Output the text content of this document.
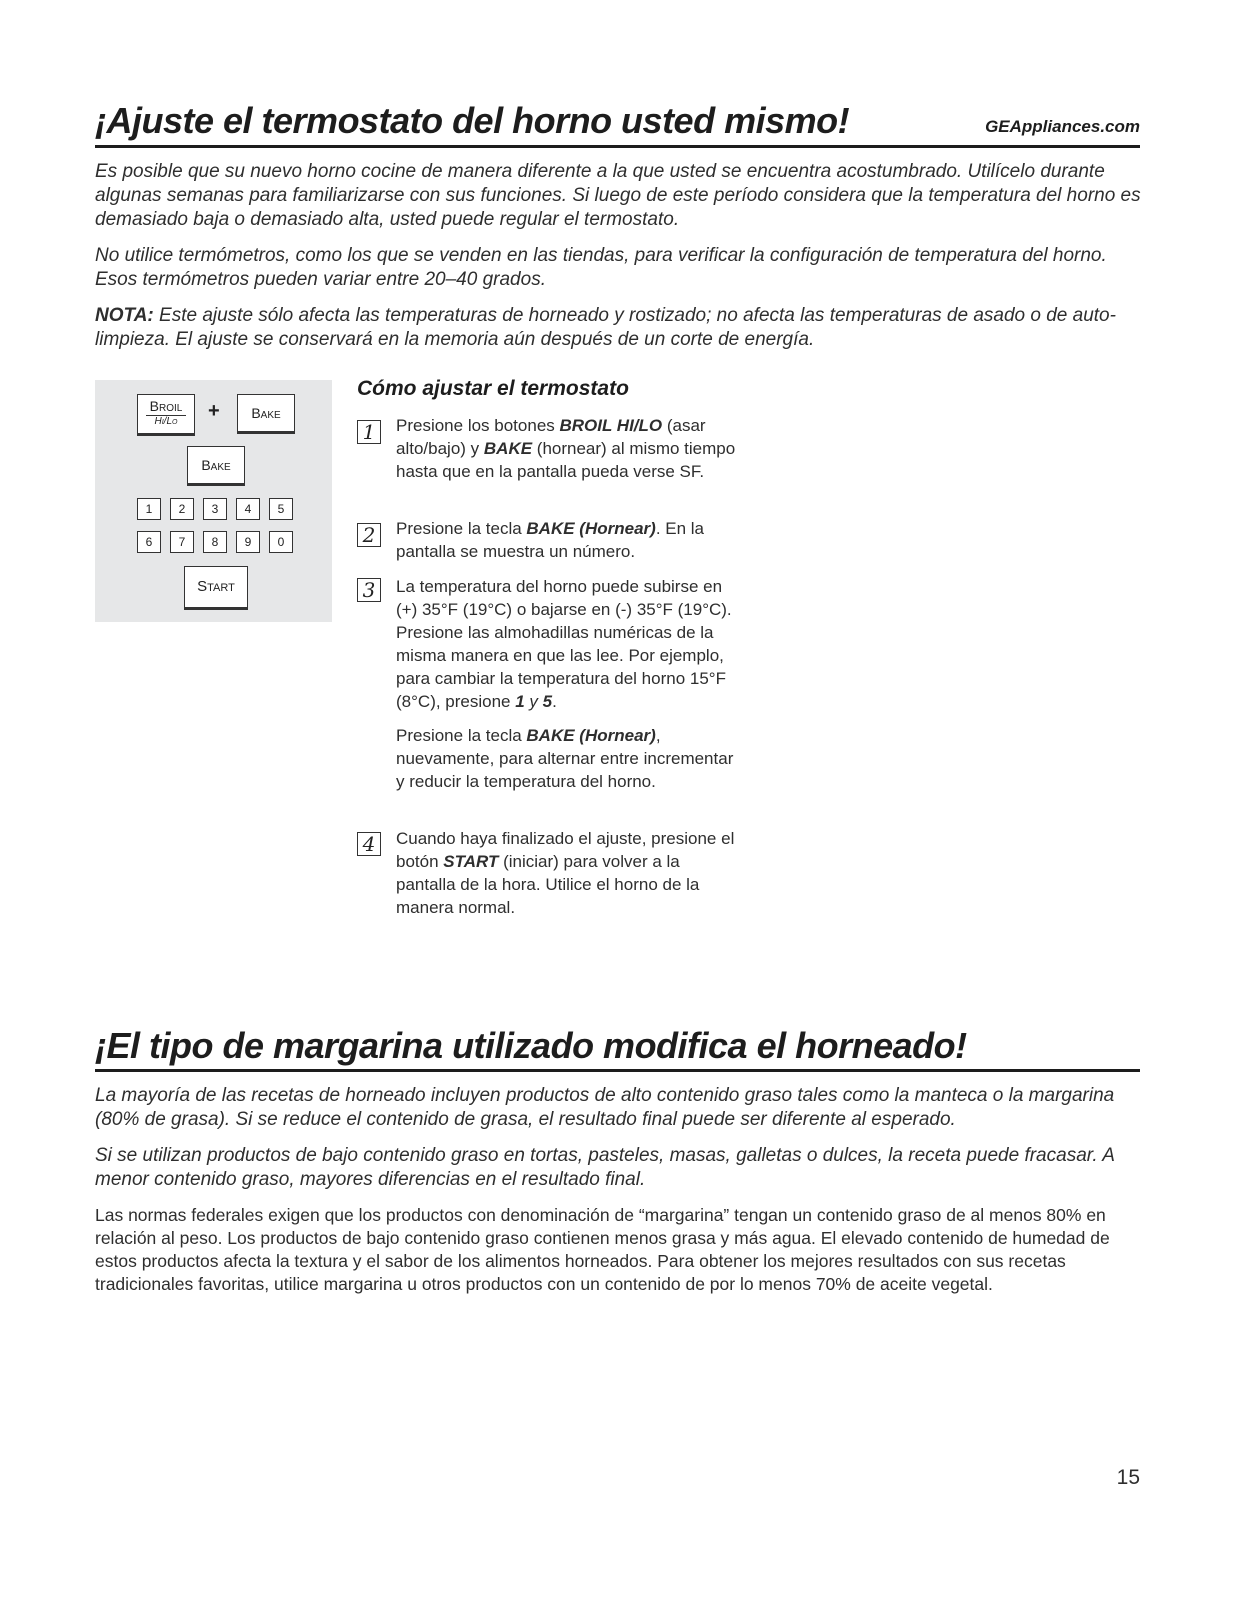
¡Ajuste el termostato del horno usted mismo!	GEAppliances.com

Es posible que su nuevo horno cocine de manera diferente a la que usted se encuentra acostumbrado. Utilícelo durante algunas semanas para familiarizarse con sus funciones. Si luego de este período considera que la temperatura del horno es demasiado baja o demasiado alta, usted puede regular el termostato.

No utilice termómetros, como los que se venden en las tiendas, para verificar la configuración de temperatura del horno. Esos termómetros pueden variar entre 20–40 grados.

NOTA: Este ajuste sólo afecta las temperaturas de horneado y rostizado; no afecta las temperaturas de asado o de auto-limpieza. El ajuste se conservará en la memoria aún después de un corte de energía.

Broil
Hi/Lo	+	Bake
Bake
1	2	3	4	5
6	7	8	9	0
Start
Cómo ajustar el termostato
1	Presione los botones BROIL HI/LO (asar alto/bajo) y BAKE (hornear) al mismo tiempo hasta que en la pantalla pueda verse SF.
2	Presione la tecla BAKE (Hornear). En la pantalla se muestra un número.
3	La temperatura del horno puede subirse en (+) 35°F (19°C) o bajarse en (-) 35°F (19°C). Presione las almohadillas numéricas de la misma manera en que las lee. Por ejemplo, para cambiar la temperatura del horno 15°F (8°C), presione 1 y 5.
Presione la tecla BAKE (Hornear), nuevamente, para alternar entre incrementar y reducir la temperatura del horno.
4	Cuando haya finalizado el ajuste, presione el botón START (iniciar) para volver a la pantalla de la hora. Utilice el horno de la manera normal.
¡El tipo de margarina utilizado modifica el horneado!

La mayoría de las recetas de horneado incluyen productos de alto contenido graso tales como la manteca o la margarina (80% de grasa). Si se reduce el contenido de grasa, el resultado final puede ser diferente al esperado.

Si se utilizan productos de bajo contenido graso en tortas, pasteles, masas, galletas o dulces, la receta puede fracasar. A menor contenido graso, mayores diferencias en el resultado final.

Las normas federales exigen que los productos con denominación de “margarina” tengan un contenido graso de al menos 80% en relación al peso. Los productos de bajo contenido graso contienen menos grasa y más agua. El elevado contenido de humedad de estos productos afecta la textura y el sabor de los alimentos horneados. Para obtener los mejores resultados con sus recetas tradicionales favoritas, utilice margarina u otros productos con un contenido de por lo menos 70% de aceite vegetal.

15
